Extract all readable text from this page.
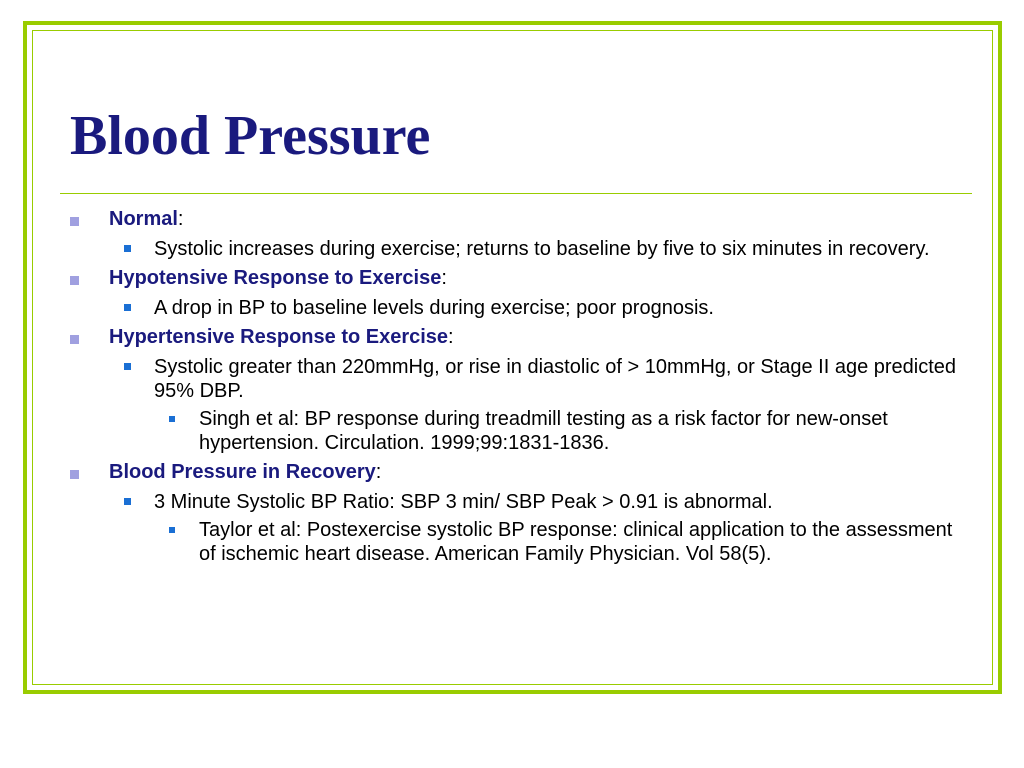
Blood Pressure
Normal:
Systolic increases during exercise; returns to baseline by five to six minutes in recovery.
Hypotensive Response to Exercise:
A drop in BP to baseline levels during exercise; poor prognosis.
Hypertensive Response to Exercise:
Systolic greater than 220mmHg, or rise in diastolic of > 10mmHg, or Stage II age predicted 95% DBP.
Singh et al: BP response during treadmill testing as a risk factor for new-onset hypertension. Circulation. 1999;99:1831-1836.
Blood Pressure in Recovery:
3 Minute Systolic BP Ratio: SBP 3 min/ SBP Peak > 0.91 is abnormal.
Taylor et al: Postexercise systolic BP response: clinical application to the assessment of ischemic heart disease. American Family Physician. Vol 58(5).
